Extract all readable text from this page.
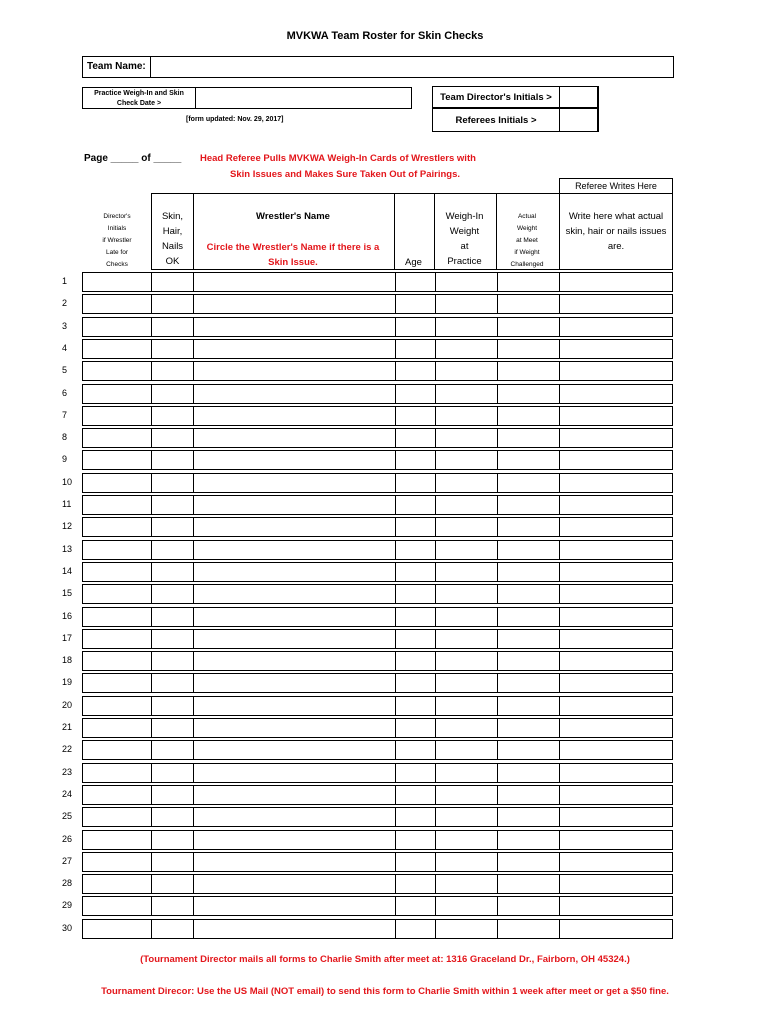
MVKWA Team Roster for Skin Checks
Team Name:
Practice Weigh-In and Skin Check Date >
Team Director's Initials >
Referees Initials >
[form updated: Nov. 29, 2017]
Page _____ of _____ Head Referee Pulls MVKWA Weigh-In Cards of Wrestlers with
Skin Issues and Makes Sure Taken Out of Pairings.
Referee Writes Here
Director's
Initials
if Wrestler
Late for
Checks
Skin,
Hair,
Nails
OK
Wrestler's Name
Circle the Wrestler's Name if there is a
Skin Issue.	Age
Weigh-In
Weight
at
Practice
Actual
Weight
at Meet
if Weight
Challenged
Write here what actual
skin, hair or nails issues
are.
1
2
3
4
5
6
7
8
9
10
11
12
13
14
15
16
17
18
19
20
21
22
23
24
25
26
27
28
29
30
(Tournament Director mails all forms to Charlie Smith after meet at: 1316 Graceland Dr., Fairborn, OH 45324.)
Tournament Direcor: Use the US Mail (NOT email) to send this form to Charlie Smith within 1 week after meet or get a $50 fine.
